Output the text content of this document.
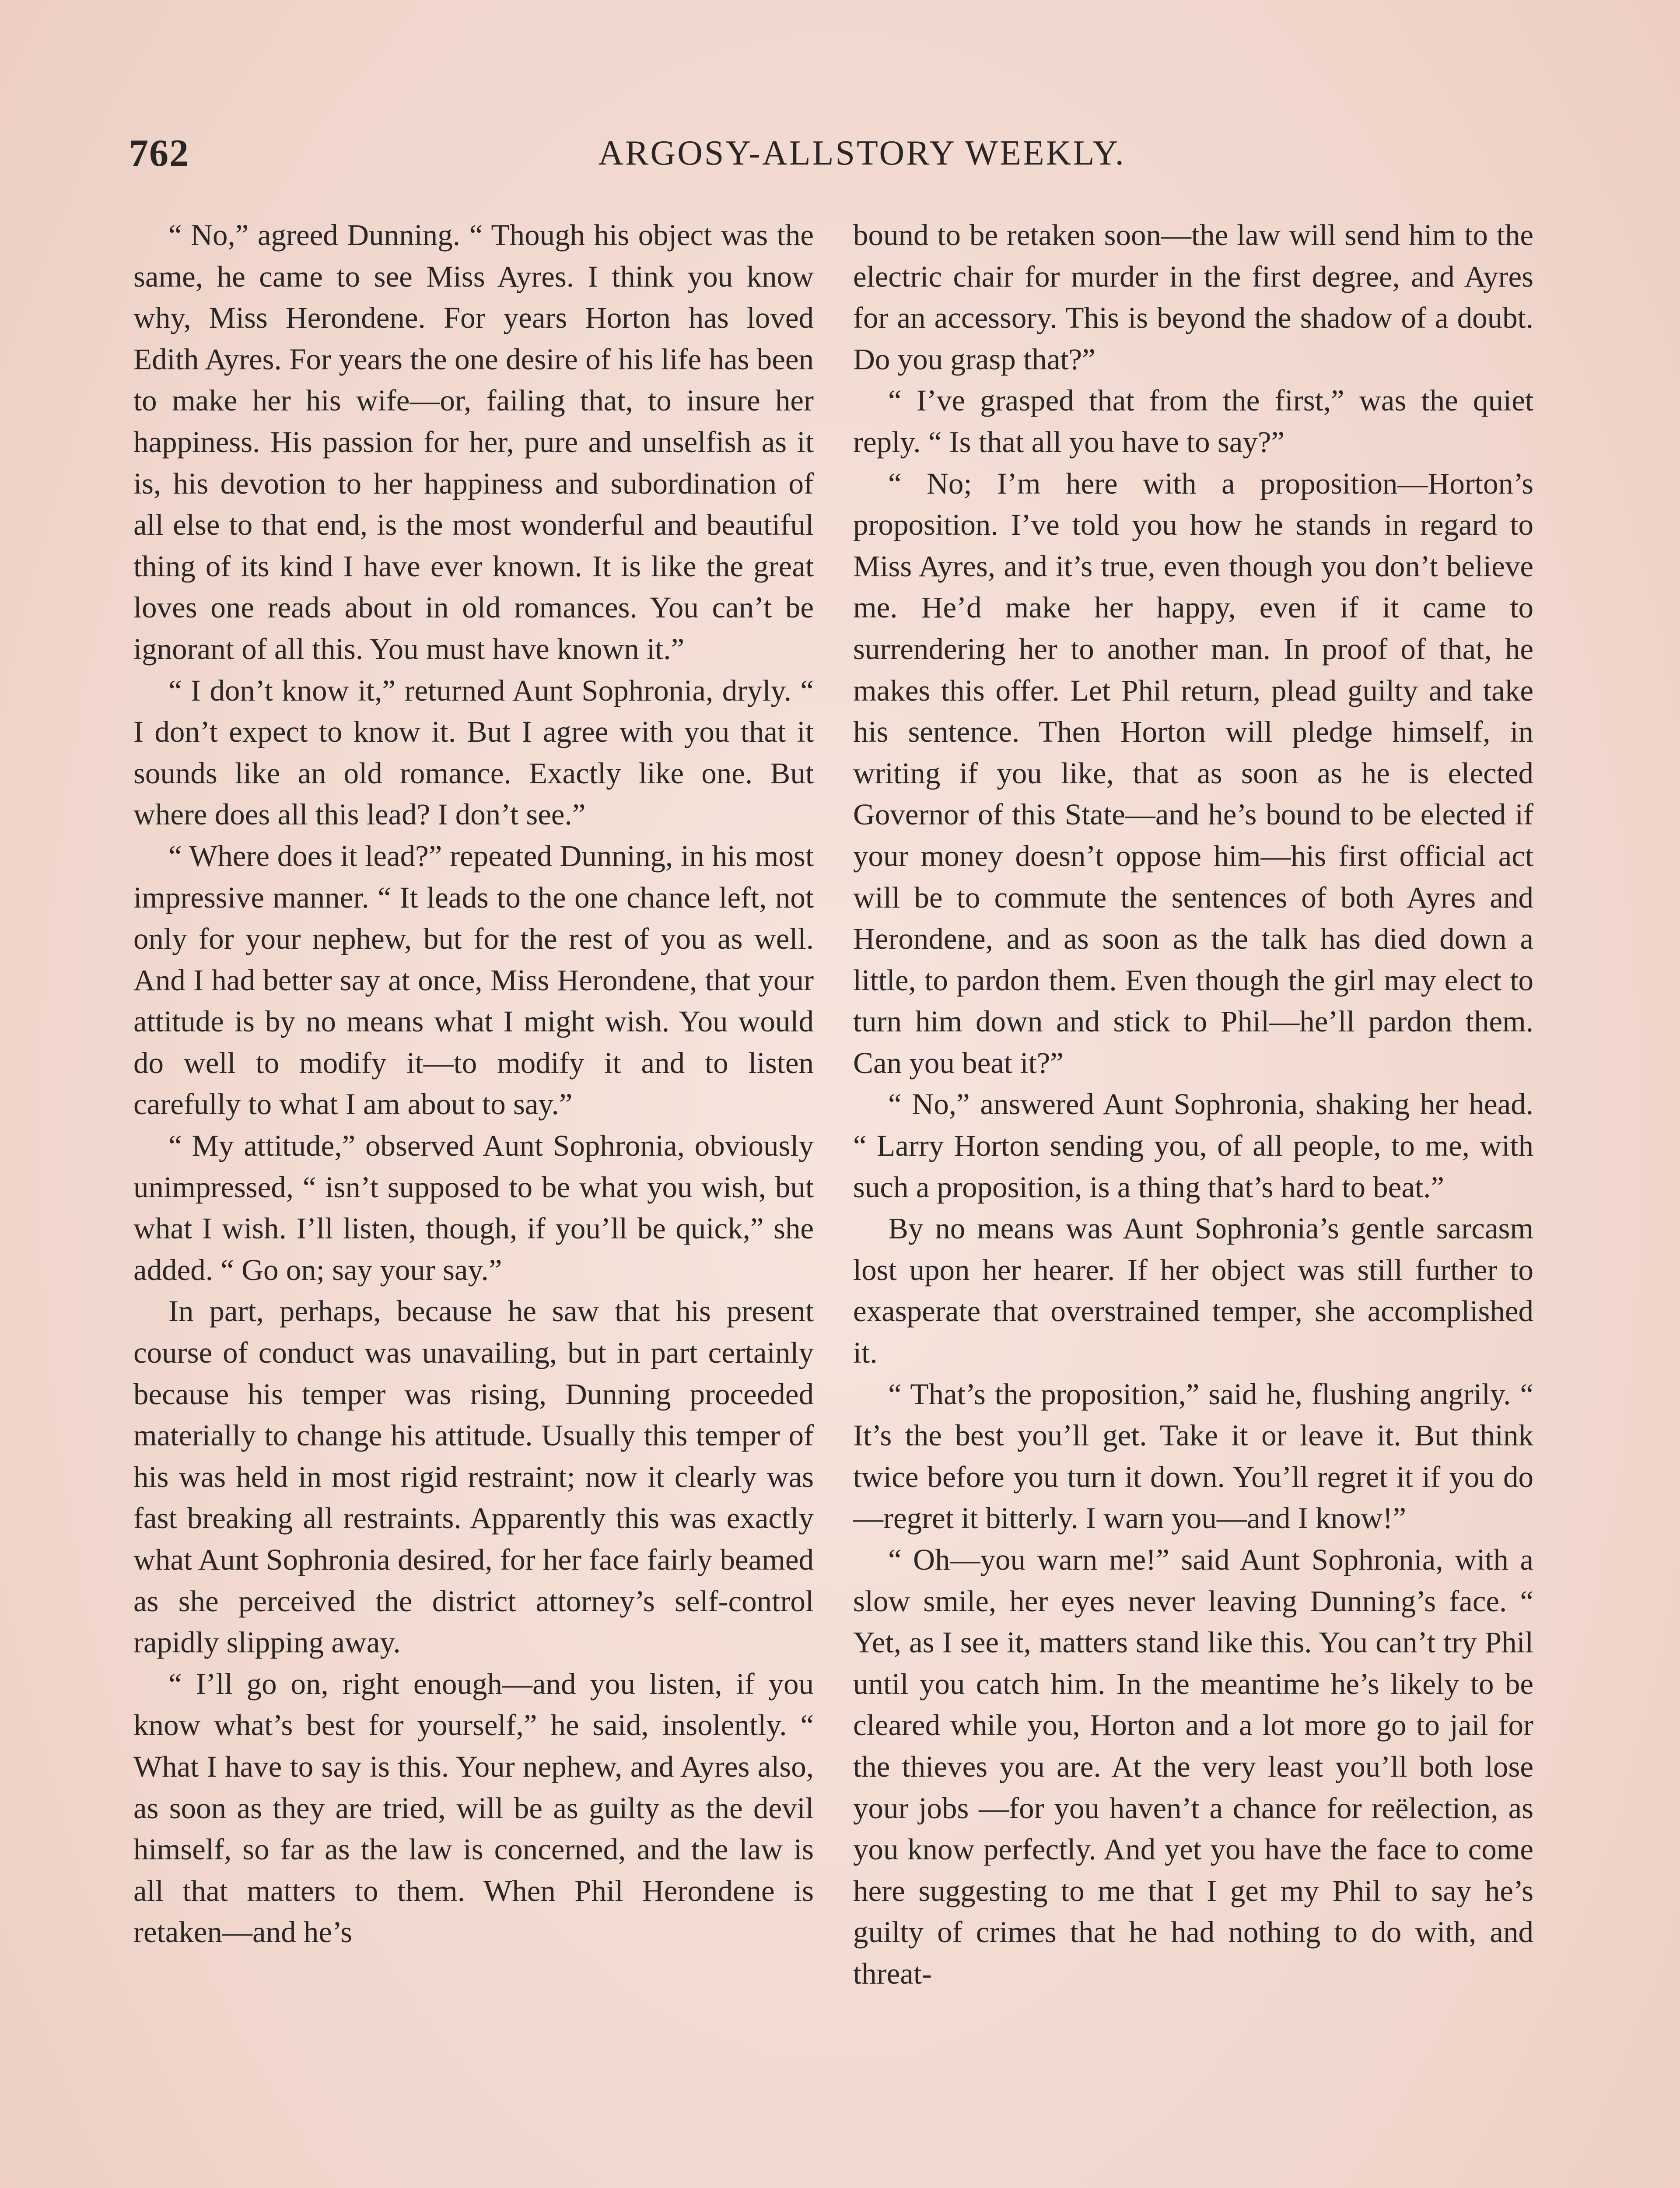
762	ARGOSY-ALLSTORY WEEKLY.

“ No,” agreed Dunning. “ Though his object was the same, he came to see Miss Ayres. I think you know why, Miss Herondene. For years Horton has loved Edith Ayres. For years the one desire of his life has been to make her his wife—or, failing that, to insure her happiness. His passion for her, pure and unselfish as it is, his devotion to her happiness and subordination of all else to that end, is the most wonderful and beautiful thing of its kind I have ever known. It is like the great loves one reads about in old romances. You can’t be ignorant of all this. You must have known it.”

“ I don’t know it,” returned Aunt Sophronia, dryly. “ I don’t expect to know it. But I agree with you that it sounds like an old romance. Exactly like one. But where does all this lead? I don’t see.”

“ Where does it lead?” repeated Dunning, in his most impressive manner. “ It leads to the one chance left, not only for your nephew, but for the rest of you as well. And I had better say at once, Miss Herondene, that your attitude is by no means what I might wish. You would do well to modify it—to modify it and to listen carefully to what I am about to say.”

“ My attitude,” observed Aunt Sophronia, obviously unimpressed, “ isn’t supposed to be what you wish, but what I wish. I’ll listen, though, if you’ll be quick,” she added. “ Go on; say your say.”

In part, perhaps, because he saw that his present course of conduct was unavailing, but in part certainly because his temper was rising, Dunning proceeded materially to change his attitude. Usually this temper of his was held in most rigid restraint; now it clearly was fast breaking all restraints. Apparently this was exactly what Aunt Sophronia desired, for her face fairly beamed as she perceived the district attorney’s self-control rapidly slipping away.

“ I’ll go on, right enough—and you listen, if you know what’s best for yourself,” he said, insolently. “ What I have to say is this. Your nephew, and Ayres also, as soon as they are tried, will be as guilty as the devil himself, so far as the law is concerned, and the law is all that matters to them. When Phil Herondene is retaken—and he’s

bound to be retaken soon—the law will send him to the electric chair for murder in the first degree, and Ayres for an accessory. This is beyond the shadow of a doubt. Do you grasp that?”

“ I’ve grasped that from the first,” was the quiet reply. “ Is that all you have to say?”

“ No; I’m here with a proposition—Horton’s proposition. I’ve told you how he stands in regard to Miss Ayres, and it’s true, even though you don’t believe me. He’d make her happy, even if it came to surrendering her to another man. In proof of that, he makes this offer. Let Phil return, plead guilty and take his sentence. Then Horton will pledge himself, in writing if you like, that as soon as he is elected Governor of this State—and he’s bound to be elected if your money doesn’t oppose him—his first official act will be to commute the sentences of both Ayres and Herondene, and as soon as the talk has died down a little, to pardon them. Even though the girl may elect to turn him down and stick to Phil—he’ll pardon them. Can you beat it?”

“ No,” answered Aunt Sophronia, shaking her head. “ Larry Horton sending you, of all people, to me, with such a proposition, is a thing that’s hard to beat.”

By no means was Aunt Sophronia’s gentle sarcasm lost upon her hearer. If her object was still further to exasperate that overstrained temper, she accomplished it.

“ That’s the proposition,” said he, flushing angrily. “ It’s the best you’ll get. Take it or leave it. But think twice before you turn it down. You’ll regret it if you do—regret it bitterly. I warn you—and I know!”

“ Oh—you warn me!” said Aunt Sophronia, with a slow smile, her eyes never leaving Dunning’s face. “ Yet, as I see it, matters stand like this. You can’t try Phil until you catch him. In the meantime he’s likely to be cleared while you, Horton and a lot more go to jail for the thieves you are. At the very least you’ll both lose your jobs —for you haven’t a chance for reëlection, as you know perfectly. And yet you have the face to come here suggesting to me that I get my Phil to say he’s guilty of crimes that he had nothing to do with, and threat-
